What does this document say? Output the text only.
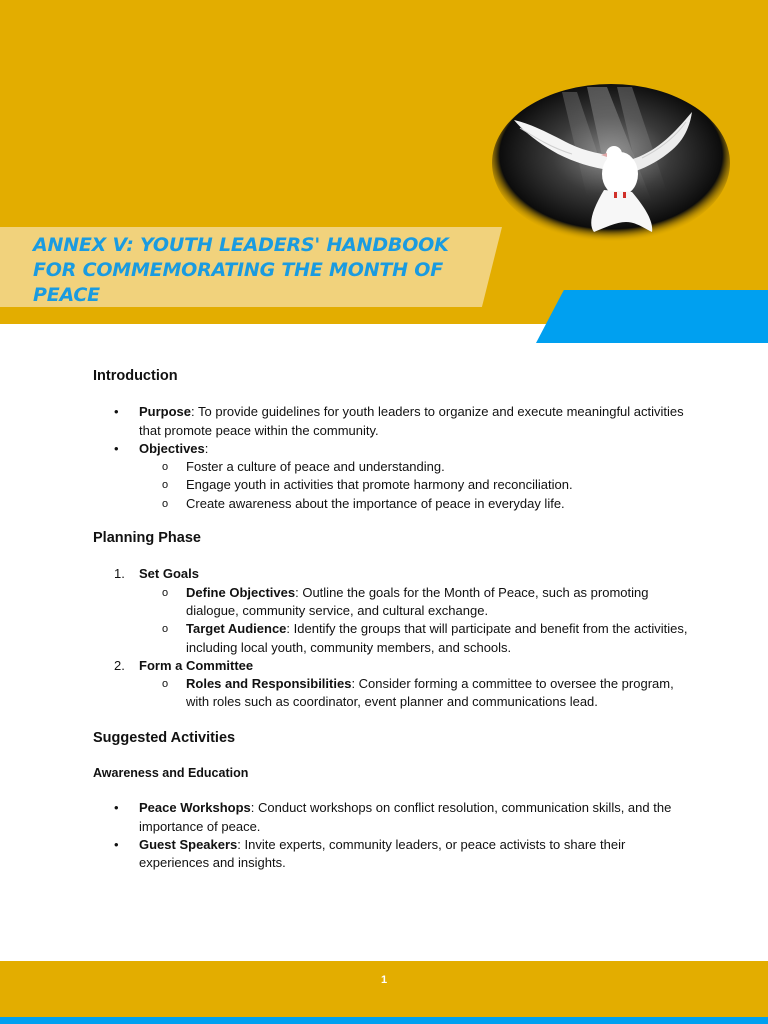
ANNEX V: YOUTH LEADERS' HANDBOOK FOR COMMEMORATING THE MONTH OF PEACE
Introduction
• Purpose: To provide guidelines for youth leaders to organize and execute meaningful activities that promote peace within the community.
• Objectives:
o Foster a culture of peace and understanding.
o Engage youth in activities that promote harmony and reconciliation.
o Create awareness about the importance of peace in everyday life.
Planning Phase
1. Set Goals
o Define Objectives: Outline the goals for the Month of Peace, such as promoting dialogue, community service, and cultural exchange.
o Target Audience: Identify the groups that will participate and benefit from the activities, including local youth, community members, and schools.
2. Form a Committee
o Roles and Responsibilities: Consider forming a committee to oversee the program, with roles such as coordinator, event planner and communications lead.
Suggested Activities
Awareness and Education
• Peace Workshops: Conduct workshops on conflict resolution, communication skills, and the importance of peace.
• Guest Speakers: Invite experts, community leaders, or peace activists to share their experiences and insights.
1
